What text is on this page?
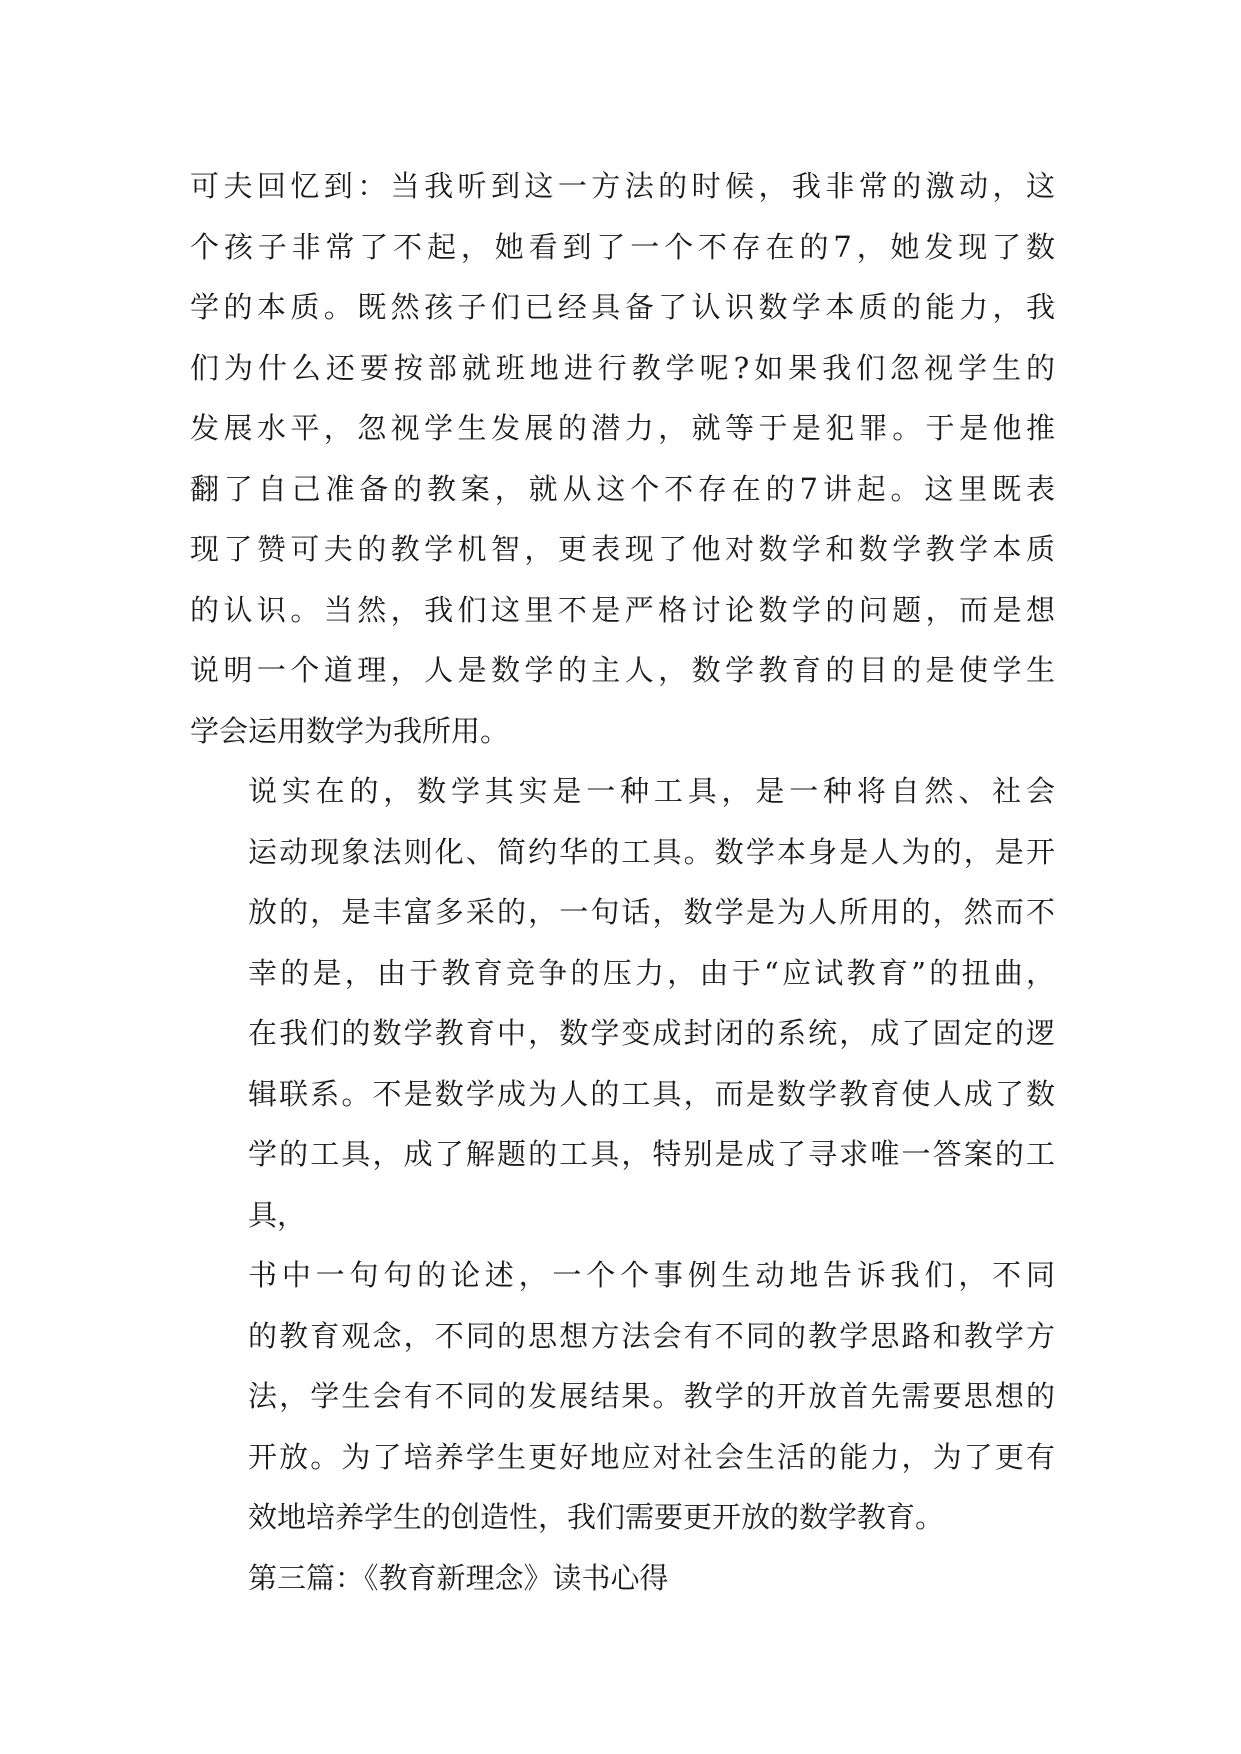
可夫回忆到：当我听到这一方法的时候，我非常的激动，这
个孩子非常了不起，她看到了一个不存在的7，她发现了数
学的本质。既然孩子们已经具备了认识数学本质的能力，我
们为什么还要按部就班地进行教学呢?如果我们忽视学生的
发展水平，忽视学生发展的潜力，就等于是犯罪。于是他推
翻了自己准备的教案，就从这个不存在的7讲起。这里既表
现了赞可夫的教学机智，更表现了他对数学和数学教学本质
的认识。当然，我们这里不是严格讨论数学的问题，而是想
说明一个道理，人是数学的主人，数学教育的目的是使学生
学会运用数学为我所用。
说实在的，数学其实是一种工具，是一种将自然、社会
运动现象法则化、简约华的工具。数学本身是人为的，是开
放的，是丰富多采的，一句话，数学是为人所用的，然而不
幸的是，由于教育竞争的压力，由于“应试教育”的扭曲，
在我们的数学教育中，数学变成封闭的系统，成了固定的逻
辑联系。不是数学成为人的工具，而是数学教育使人成了数
学的工具，成了解题的工具，特别是成了寻求唯一答案的工
具，
书中一句句的论述，一个个事例生动地告诉我们，不同
的教育观念，不同的思想方法会有不同的教学思路和教学方
法，学生会有不同的发展结果。教学的开放首先需要思想的
开放。为了培养学生更好地应对社会生活的能力，为了更有
效地培养学生的创造性，我们需要更开放的数学教育。
第三篇：《教育新理念》读书心得
